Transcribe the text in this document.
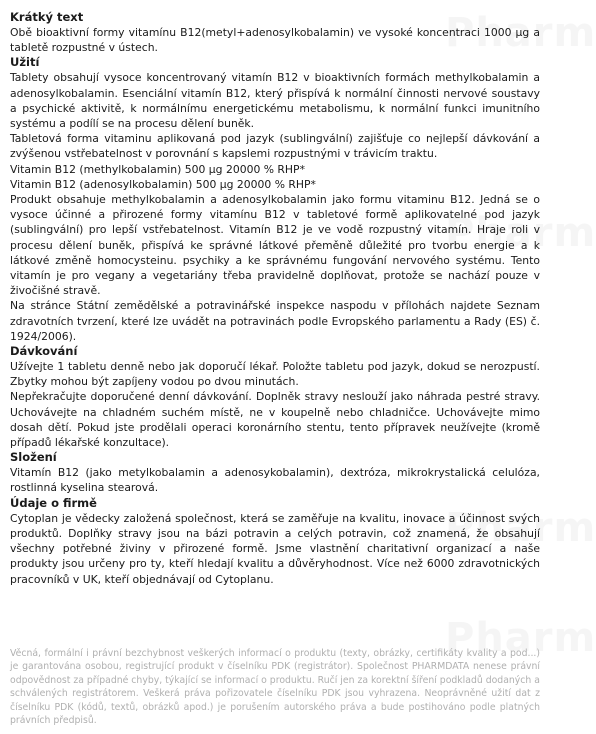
Pharm
Pharm
Pharm
Pharm
Krátký text

Obě bioaktivní formy vitamínu B12(metyl+adenosylkobalamin) ve vysoké koncentraci 1000 µg a tabletě rozpustné v ústech.

Užití

Tablety obsahují vysoce koncentrovaný vitamín B12 v bioaktivních formách methylkobalamin a adenosylkobalamin. Esenciální vitamín B12, který přispívá k normální činnosti nervové soustavy a psychické aktivitě, k normálnímu energetickému metabolismu, k normální funkci imunitního systému a podílí se na procesu dělení buněk.

Tabletová forma vitaminu aplikovaná pod jazyk (sublingvální) zajišťuje co nejlepší dávkování a zvýšenou vstřebatelnost v porovnání s kapslemi rozpustnými v trávicím traktu.

Vitamin B12 (methylkobalamin) 500 µg 20000 % RHP*

Vitamin B12 (adenosylkobalamin) 500 µg 20000 % RHP*

Produkt obsahuje methylkobalamin a adenosylkobalamin jako formu vitaminu B12. Jedná se o vysoce účinné a přirozené formy vitamínu B12 v tabletové formě aplikovatelné pod jazyk (sublingvální) pro lepší vstřebatelnost. Vitamín B12 je ve vodě rozpustný vitamín. Hraje roli v procesu dělení buněk, přispívá ke správné látkové přeměně důležité pro tvorbu energie a k látkové změně homocysteinu. psychiky a ke správnému fungování nervového systému. Tento vitamín je pro vegany a vegetariány třeba pravidelně doplňovat, protože se nachází pouze v živočišné stravě.

Na stránce Státní zemědělské a potravinářské inspekce naspodu v přílohách najdete Seznam zdravotních tvrzení, které lze uvádět na potravinách podle Evropského parlamentu a Rady (ES) č. 1924/2006).

Dávkování

Užívejte 1 tabletu denně nebo jak doporučí lékař. Položte tabletu pod jazyk, dokud se nerozpustí. Zbytky mohou být zapíjeny vodou po dvou minutách.

Nepřekračujte doporučené denní dávkování. Doplněk stravy neslouží jako náhrada pestré stravy. Uchovávejte na chladném suchém místě, ne v koupelně nebo chladničce. Uchovávejte mimo dosah dětí. Pokud jste prodělali operaci koronárního stentu, tento přípravek neužívejte (kromě případů lékařské konzultace).

Složení

Vitamín B12 (jako metylkobalamin a adenosykobalamin), dextróza, mikrokrystalická celulóza, rostlinná kyselina stearová.

Údaje o firmě

Cytoplan je vědecky založená společnost, která se zaměřuje na kvalitu, inovace a účinnost svých produktů. Doplňky stravy jsou na bázi potravin a celých potravin, což znamená, že obsahují všechny potřebné živiny v přirozené formě. Jsme vlastnění charitativní organizací a naše produkty jsou určeny pro ty, kteří hledají kvalitu a důvěryhodnost. Více než 6000 zdravotnických pracovníků v UK, kteří objednávají od Cytoplanu.

Věcná, formální i právní bezchybnost veškerých informací o produktu (texty, obrázky, certifikáty kvality a pod...) je garantována osobou, registrující produkt v číselníku PDK (registrátor). Společnost PHARMDATA nenese právní odpovědnost za případné chyby, týkající se informací o produktu. Ručí jen za korektní šíření podkladů dodaných a schválených registrátorem. Veškerá práva pořizovatele číselníku PDK jsou vyhrazena. Neoprávněné užití dat z číselníku PDK (kódů, textů, obrázků apod.) je porušením autorského práva a bude postihováno podle platných právních předpisů.
